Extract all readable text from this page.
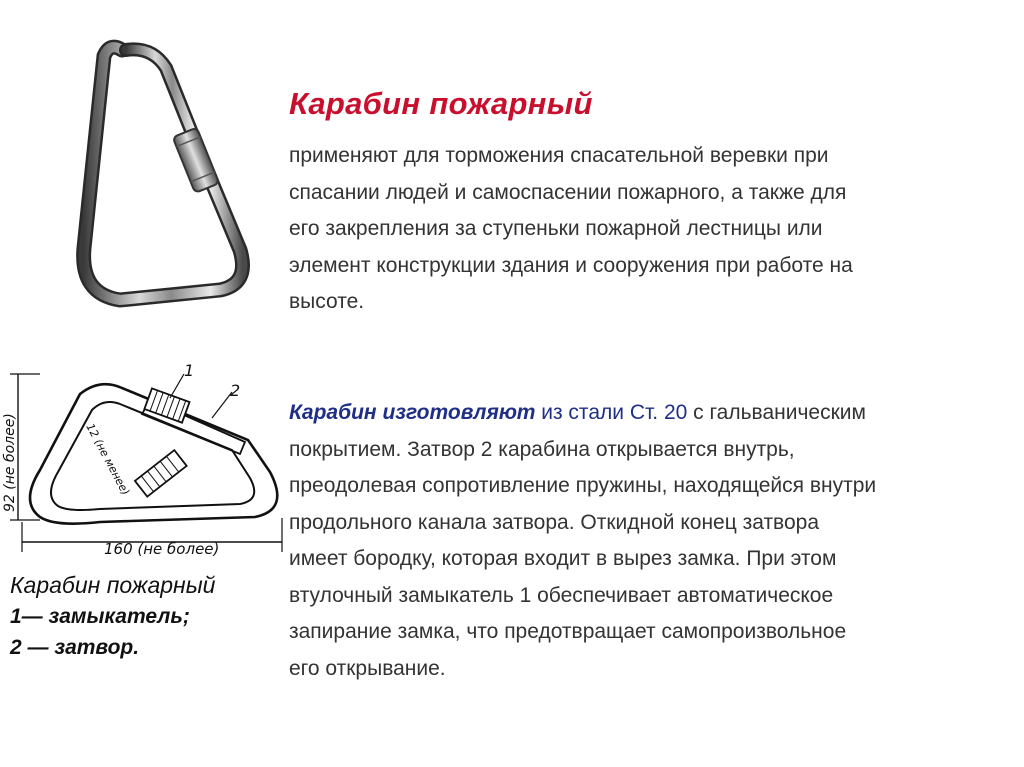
1
2
160 (не более)
92 (не более)	12 (не менее)
Карабин пожарный

применяют для торможения спасательной веревки при
спасании людей и самоспасении пожарного, а также для
его закрепления за ступеньки пожарной лестницы или
элемент конструкции здания и сооружения при работе на
высоте.

Карабин изготовляют из стали Ст. 20 с гальваническим
покрытием. Затвор 2 карабина открывается внутрь,
преодолевая сопротивление пружины, находящейся внутри
продольного канала затвора. Откидной конец затвора
имеет бородку, которая входит в вырез замка. При этом
втулочный замыкатель 1 обеспечивает автоматическое
запирание замка, что предотвращает самопроизвольное
его открывание.

Карабин пожарный
1— замыкатель;
2 — затвор.
